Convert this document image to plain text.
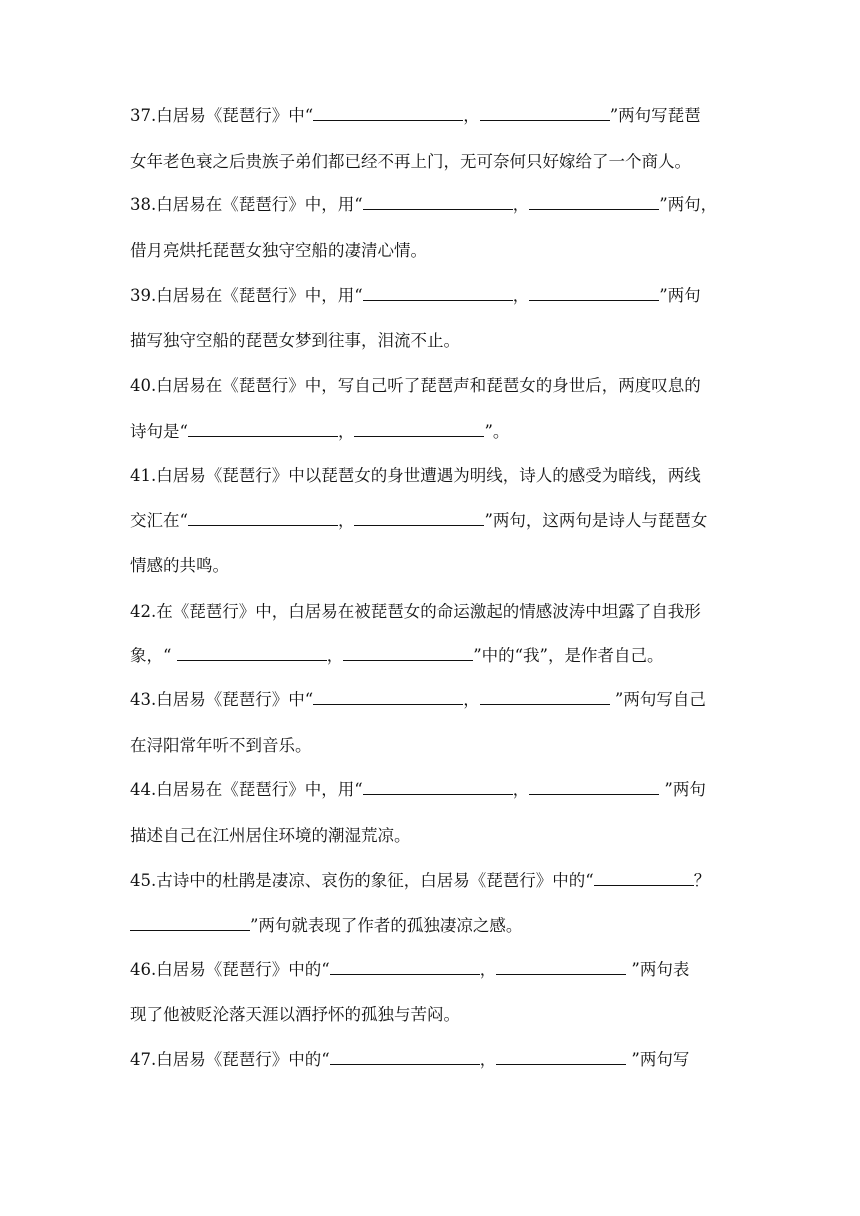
37.白居易《琵琶行》中“	，	”两句写琵琶
女年老色衰之后贵族子弟们都已经不再上门，无可奈何只好嫁给了一个商人。
38.白居易在《琵琶行》中，用“	，	”两句，
借月亮烘托琵琶女独守空船的凄清心情。
39.白居易在《琵琶行》中，用“	，	”两句
描写独守空船的琵琶女梦到往事，泪流不止。
40.白居易在《琵琶行》中，写自己听了琵琶声和琵琶女的身世后，两度叹息的
诗句是“	，	”。
41.白居易《琵琶行》中以琵琶女的身世遭遇为明线，诗人的感受为暗线，两线
交汇在“	，	”两句，这两句是诗人与琵琶女
情感的共鸣。
42.在《琵琶行》中，白居易在被琵琶女的命运激起的情感波涛中坦露了自我形
象，“	，	”中的“我”，是作者自己。
43.白居易《琵琶行》中“	，	”两句写自己
在浔阳常年听不到音乐。
44.白居易在《琵琶行》中，用“	，	”两句
描述自己在江州居住环境的潮湿荒凉。
45.古诗中的杜鹃是凄凉、哀伤的象征，白居易《琵琶行》中的“	？
”两句就表现了作者的孤独凄凉之感。
46.白居易《琵琶行》中的“	，	”两句表
现了他被贬沦落天涯以酒抒怀的孤独与苦闷。
47.白居易《琵琶行》中的“	，	”两句写
